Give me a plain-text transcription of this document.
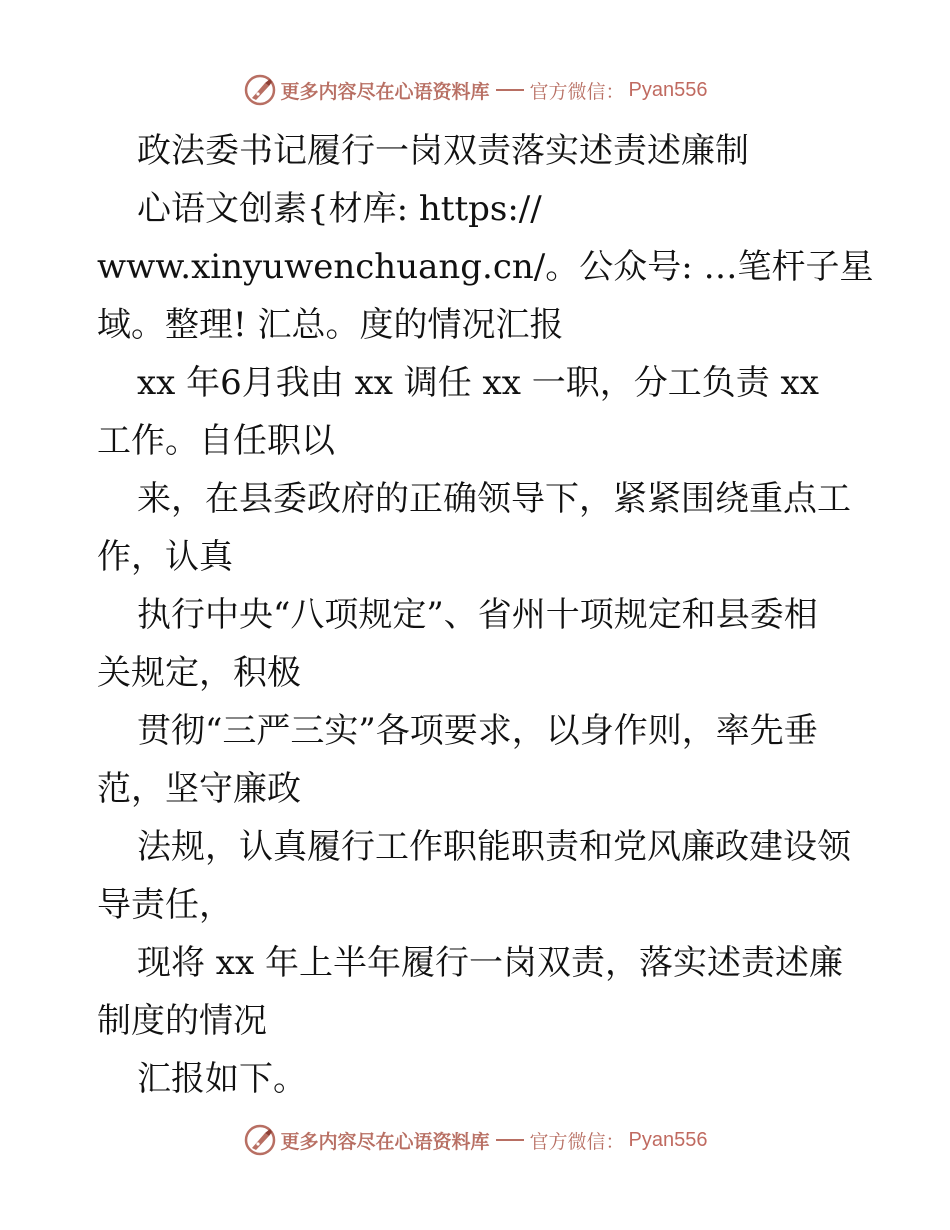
更多内容尽在心语资料库 官方微信： Pyan556
政法委书记履行一岗双责落实述责述廉制
心语文创素{材库: https://
www.xinyuwenchuang.cn/。公众号: …笔杆子星
域。整理! 汇总。度的情况汇报
xx 年6月我由 xx 调任 xx 一职，分工负责 xx
工作。自任职以
来，在县委政府的正确领导下，紧紧围绕重点工
作，认真
执行中央“八项规定”、省州十项规定和县委相
关规定，积极
贯彻“三严三实”各项要求，以身作则，率先垂
范，坚守廉政
法规，认真履行工作职能职责和党风廉政建设领
导责任，
现将 xx 年上半年履行一岗双责，落实述责述廉
制度的情况
汇报如下。
更多内容尽在心语资料库 官方微信： Pyan556
